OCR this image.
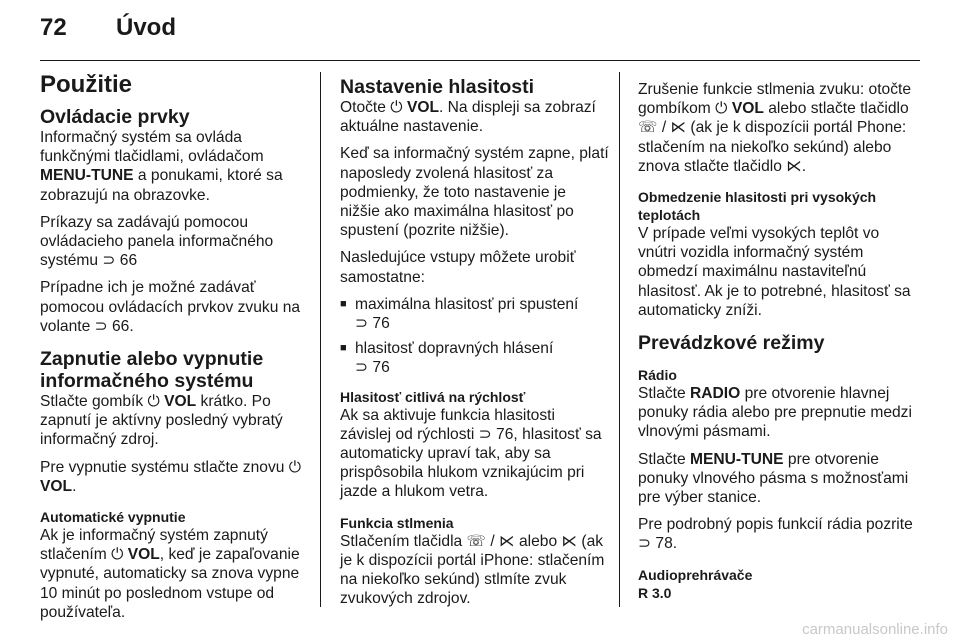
72 Úvod
Použitie
Ovládacie prvky

Informačný systém sa ovláda funkčnými tlačidlami, ovládačom MENU-TUNE a ponukami, ktoré sa zobrazujú na obrazovke.

Príkazy sa zadávajú pomocou ovládacieho panela informačného systému ⊃ 66

Prípadne ich je možné zadávať pomocou ovládacích prvkov zvuku na volante ⊃ 66.

Zapnutie alebo vypnutie informačného systému

Stlačte gombík ⏻ VOL krátko. Po zapnutí je aktívny posledný vybratý informačný zdroj.

Pre vypnutie systému stlačte znovu ⏻ VOL.

Automatické vypnutie

Ak je informačný systém zapnutý stlačením ⏻ VOL, keď je zapaľovanie vypnuté, automaticky sa znova vypne 10 minút po poslednom vstupe od používateľa.

Nastavenie hlasitosti

Otočte ⏻ VOL. Na displeji sa zobrazí aktuálne nastavenie.

Keď sa informačný systém zapne, platí naposledy zvolená hlasitosť za podmienky, že toto nastavenie je nižšie ako maximálna hlasitosť po spustení (pozrite nižšie).

Nasledujúce vstupy môžete urobiť samostatne:

■ maximálna hlasitosť pri spustení
⊃ 76
■ hlasitosť dopravných hlásení
⊃ 76
Hlasitosť citlivá na rýchlosť

Ak sa aktivuje funkcia hlasitosti závislej od rýchlosti ⊃ 76, hlasitosť sa automaticky upraví tak, aby sa prispôsobila hlukom vznikajúcim pri jazde a hlukom vetra.

Funkcia stlmenia

Stlačením tlačidla ☏ / ⋉ alebo ⋉ (ak je k dispozícii portál iPhone: stlačením na niekoľko sekúnd) stlmíte zvuk zvukových zdrojov.

Zrušenie funkcie stlmenia zvuku: otočte gombíkom ⏻ VOL alebo stlačte tlačidlo ☏ / ⋉ (ak je k dispozícii portál Phone: stlačením na niekoľko sekúnd) alebo znova stlačte tlačidlo ⋉.

Obmedzenie hlasitosti pri vysokých teplotách

V prípade veľmi vysokých teplôt vo vnútri vozidla informačný systém obmedzí maximálnu nastaviteľnú hlasitosť. Ak je to potrebné, hlasitosť sa automaticky zníži.

Prevádzkové režimy
Rádio

Stlačte RADIO pre otvorenie hlavnej ponuky rádia alebo pre prepnutie medzi vlnovými pásmami.

Stlačte MENU-TUNE pre otvorenie ponuky vlnového pásma s možnosťami pre výber stanice.

Pre podrobný popis funkcií rádia pozrite ⊃ 78.

Audioprehrávače
R 3.0
carmanualsonline.info
